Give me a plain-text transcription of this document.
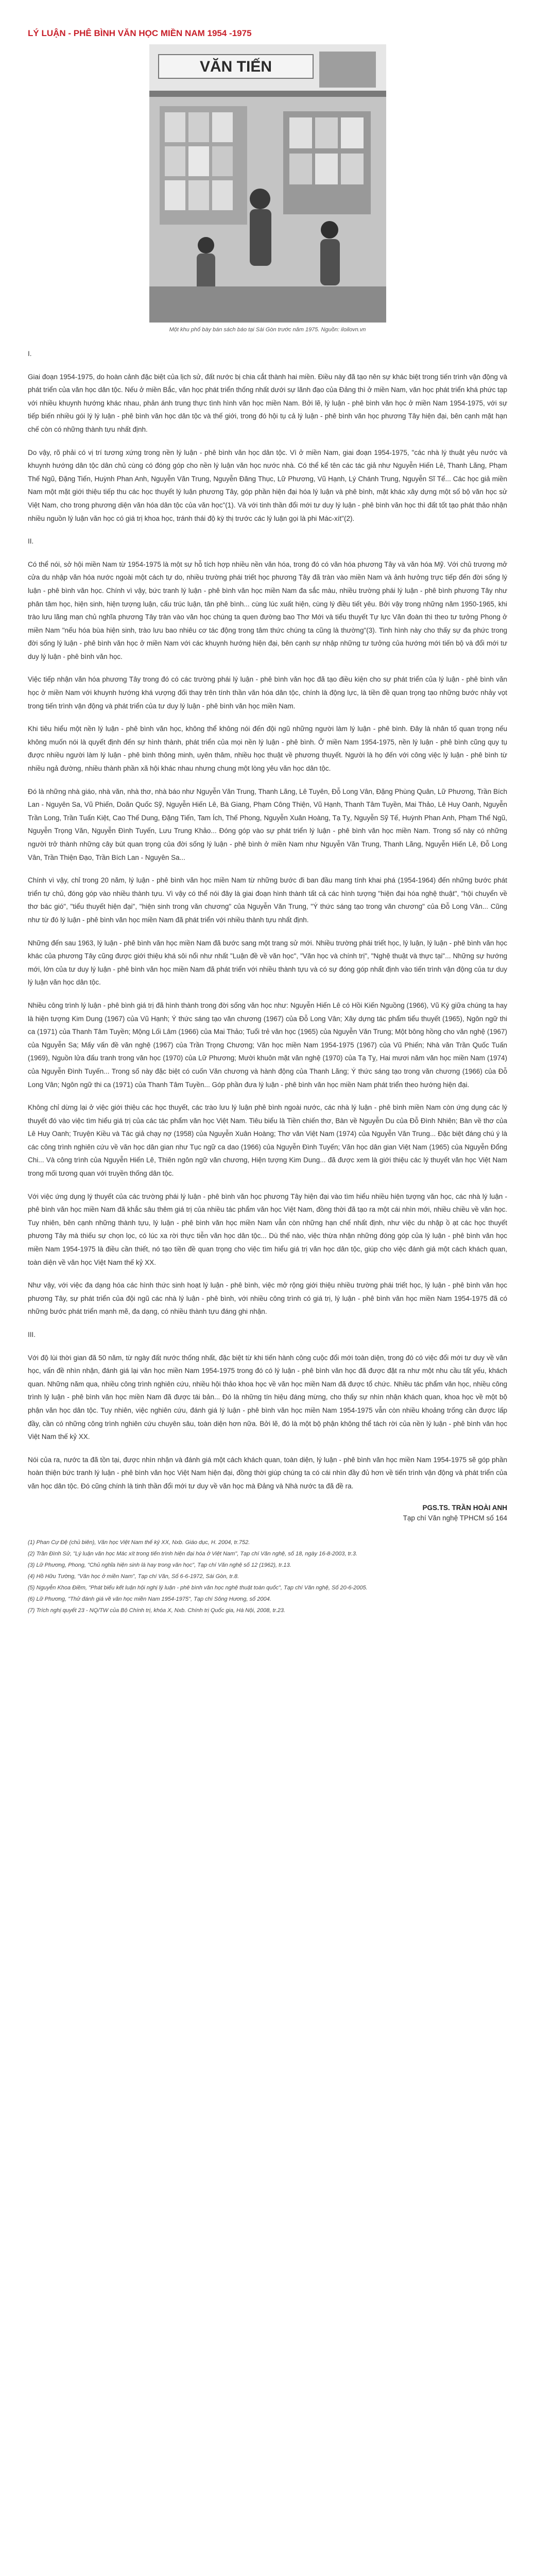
LÝ LUẬN - PHÊ BÌNH VĂN HỌC MIỀN NAM 1954 -1975
VĂN TIẾN

Một khu phố bày bán sách báo tại Sài Gòn trước năm 1975. Nguồn: iloilovn.vn

I.

Giai đoạn 1954-1975, do hoàn cảnh đặc biệt của lịch sử, đất nước bị chia cắt thành hai miền. Điều này đã tạo nên sự khác biệt trong tiến trình vận động và phát triển của văn học dân tộc. Nếu ở miền Bắc, văn học phát triển thống nhất dưới sự lãnh đạo của Đảng thì ở miền Nam, văn học phát triển khá phức tạp với nhiều khuynh hướng khác nhau, phản ánh trung thực tình hình văn học miền Nam. Bởi lẽ, lý luận - phê bình văn học ở miền Nam 1954-1975, với sự tiếp biến nhiều gói lý lý luận - phê bình văn học dân tộc và thế giới, trong đó hội tụ cả lý luận - phê bình văn học phương Tây hiện đại, bên cạnh mặt hạn chế còn có những thành tựu nhất định.

Do vậy, rõ phải có vị trí tương xứng trong nền lý luận - phê bình văn học dân tộc. Vì ở miền Nam, giai đoạn 1954-1975, "các nhà lý thuật yêu nước và khuynh hướng dân tộc dân chủ cùng có đóng góp cho nền lý luận văn học nước nhà. Có thể kể tên các tác giả như Nguyễn Hiến Lê, Thanh Lãng, Phạm Thế Ngũ, Đặng Tiến, Huỳnh Phan Anh, Nguyễn Văn Trung, Nguyễn Đăng Thục, Lữ Phương, Vũ Hạnh, Lý Chánh Trung, Nguyễn Sĩ Tế... Các học giả miền Nam một mặt giới thiệu tiếp thu các học thuyết lý luận phương Tây, góp phần hiện đại hóa lý luận và phê bình, mặt khác xây dựng một số bộ văn học sử Việt Nam, cho trong phương diện văn hóa dân tộc của văn học"(1). Và với tinh thần đổi mới tư duy lý luận - phê bình văn học thì đất tốt tạo phát thảo nhận nhiều nguồn lý luận văn học có giá trị khoa học, tránh thái độ kỳ thị trước các lý luận gọi là phi Mác-xít"(2).

II.

Có thể nói, sở hội miền Nam từ 1954-1975 là một sự hỗ tích hợp nhiều nền văn hóa, trong đó có văn hóa phương Tây và văn hóa Mỹ. Với chủ trương mở cửa du nhập văn hóa nước ngoài một cách tự do, nhiều trường phái triết học phương Tây đã tràn vào miền Nam và ảnh hưởng trực tiếp đến đời sống lý luận - phê bình văn học. Chính vì vậy, bức tranh lý luận - phê bình văn học miền Nam đa sắc màu, nhiều trường phái lý luận - phê bình phương Tây như phân tâm học, hiện sinh, hiện tượng luận, cấu trúc luận, tân phê bình... cùng lúc xuất hiện, cùng lý điều tiết yêu. Bởi vậy trong những năm 1950-1965, khi trào lưu lãng mạn chủ nghĩa phương Tây tràn vào văn học chúng ta quen đường bao Thơ Mới và tiểu thuyết Tự lực Văn đoàn thì theo tư tưởng Phong ở miền Nam "nếu hóa bùa hiện sinh, trào lưu bao nhiêu cơ tác động trong tâm thức chúng ta cũng là thường"(3). Tinh hình này cho thấy sự đa phức trong đời sống lý luận - phê bình văn học ở miền Nam với các khuynh hướng hiện đại, bên cạnh sự nhập những tư tưởng của hướng mới tiến bộ và đổi mới tư duy lý luận - phê bình văn học.

Việc tiếp nhận văn hóa phương Tây trong đó có các trường phái lý luận - phê bình văn học đã tạo điều kiện cho sự phát triển của lý luận - phê bình văn học ở miền Nam với khuynh hướng khá vượng đối thay trên tính thần văn hóa dân tộc, chính là động lực, là tiền đề quan trọng tạo những bước nhảy vọt trong tiến trình vận động và phát triển của tư duy lý luận - phê bình văn học miền Nam.

Khi tiêu hiểu một nền lý luận - phê bình văn học, không thể không nói đến đội ngũ những người làm lý luận - phê bình. Đây là nhân tố quan trọng nếu không muốn nói là quyết định đến sự hình thành, phát triển của mọi nền lý luận - phê bình. Ở miền Nam 1954-1975, nền lý luận - phê bình cũng quy tụ được nhiều người làm lý luận - phê bình thông minh, uyên thâm, nhiều học thuật về phương thuyết. Người là họ đến với công việc lý luận - phê bình từ nhiều ngả đường, nhiều thành phần xã hội khác nhau nhưng chung một lòng yêu văn học dân tộc.

Đó là những nhà giáo, nhà văn, nhà thơ, nhà báo như Nguyễn Văn Trung, Thanh Lãng, Lê Tuyên, Đỗ Long Vân, Đặng Phùng Quân, Lữ Phương, Trần Bích Lan - Nguyên Sa, Vũ Phiến, Doãn Quốc Sỹ, Nguyễn Hiến Lê, Bà Giang, Phạm Công Thiện, Vũ Hạnh, Thanh Tâm Tuyền, Mai Thảo, Lê Huy Oanh, Nguyễn Trần Long, Trần Tuấn Kiệt, Cao Thế Dung, Đặng Tiến, Tam Ích, Thế Phong, Nguyễn Xuân Hoàng, Tạ Tỵ, Nguyễn Sỹ Tế, Huỳnh Phan Anh, Phạm Thế Ngũ, Nguyễn Trọng Văn, Nguyễn Đình Tuyến, Lưu Trung Khảo... Đóng góp vào sự phát triển lý luận - phê bình văn học miền Nam. Trong số này có những người trở thành những cây bút quan trọng của đời sống lý luận - phê bình ở miền Nam như Nguyễn Văn Trung, Thanh Lãng, Nguyễn Hiến Lê, Đỗ Long Vân, Trần Thiện Đạo, Trần Bích Lan - Nguyên Sa...

Chính vì vậy, chỉ trong 20 năm, lý luận - phê bình văn học miền Nam từ những bước đi ban đầu mang tính khai phá (1954-1964) đến những bước phát triển tự chủ, đóng góp vào nhiều thành tựu. Vì vậy có thể nói đây là giai đoạn hình thành tất cả các hình tượng "hiện đại hóa nghệ thuật", "hội chuyển về thơ bác gió", "tiểu thuyết hiện đại", "hiện sinh trong văn chương" của Nguyễn Văn Trung, "Ý thức sáng tạo trong văn chương" của Đỗ Long Vân... Cũng như từ đó lý luận - phê bình văn học miền Nam đã phát triển với nhiều thành tựu nhất định.

Những đến sau 1963, lý luận - phê bình văn học miền Nam đã bước sang một trang sử mới. Nhiều trường phái triết học, lý luận, lý luận - phê bình văn học khác của phương Tây cũng được giới thiệu khá sôi nổi như nhất "Luận đề về văn học", "Văn học và chính trị", "Nghệ thuật và thực tại"... Những sự hướng mới, lớn của tư duy lý luận - phê bình văn học miền Nam đã phát triển với nhiều thành tựu và có sự đóng góp nhất định vào tiến trình vận động của tư duy lý luận văn học dân tộc.

Nhiều công trình lý luận - phê bình giá trị đã hình thành trong đời sống văn học như: Nguyễn Hiến Lê có Hồi Kiến Nguồng (1966), Vũ Ký giữa chúng ta hay là hiện tượng Kim Dung (1967) của Vũ Hạnh; Ý thức sáng tạo văn chương (1967) của Đỗ Long Vân; Xây dựng tác phẩm tiểu thuyết (1965), Ngôn ngữ thi ca (1971) của Thanh Tâm Tuyền; Mộng Lối Lâm (1966) của Mai Thảo; Tuổi trẻ văn học (1965) của Nguyễn Văn Trung; Một bông hồng cho văn nghệ (1967) của Nguyễn Sa; Mấy vấn đề văn nghệ (1967) của Trần Trọng Chương; Văn học miền Nam 1954-1975 (1967) của Vũ Phiến; Nhà văn Trần Quốc Tuấn (1969), Nguồn lửa đấu tranh trong văn học (1970) của Lữ Phương; Mười khuôn mặt văn nghệ (1970) của Tạ Tỵ, Hai mươi năm văn học miền Nam (1974) của Nguyễn Đình Tuyến... Trong số này đặc biệt có cuốn Văn chương và hành động của Thanh Lãng; Ý thức sáng tạo trong văn chương (1966) của Đỗ Long Vân; Ngôn ngữ thi ca (1971) của Thanh Tâm Tuyền... Góp phần đưa lý luận - phê bình văn học miền Nam phát triển theo hướng hiện đại.

Không chỉ dừng lại ở việc giới thiệu các học thuyết, các trào lưu lý luận phê bình ngoài nước, các nhà lý luận - phê bình miền Nam còn ứng dụng các lý thuyết đó vào việc tìm hiểu giá trị của các tác phẩm văn học Việt Nam. Tiêu biểu là Tiền chiến thơ, Bàn về Nguyễn Du của Đỗ Đình Nhiên; Bàn về thơ của Lê Huy Oanh; Truyện Kiều và Tác giả chạy nợ (1958) của Nguyễn Xuân Hoàng; Thơ văn Việt Nam (1974) của Nguyễn Văn Trung... Đặc biệt đáng chú ý là các công trình nghiên cứu về văn học dân gian như Tục ngữ ca dao (1966) của Nguyễn Đình Tuyến; Văn học dân gian Việt Nam (1965) của Nguyễn Đổng Chi... Và công trình của Nguyễn Hiến Lê, Thiên ngôn ngữ văn chương, Hiện tượng Kim Dung... đã được xem là giới thiệu các lý thuyết văn học Việt Nam trong mối tương quan với truyền thống dân tộc.

Với việc ứng dụng lý thuyết của các trường phái lý luận - phê bình văn học phương Tây hiện đại vào tìm hiểu nhiều hiện tượng văn học, các nhà lý luận - phê bình văn học miền Nam đã khắc sâu thêm giá trị của nhiều tác phẩm văn học Việt Nam, đồng thời đã tạo ra một cái nhìn mới, nhiều chiều về văn học. Tuy nhiên, bên cạnh những thành tựu, lý luận - phê bình văn học miền Nam vẫn còn những hạn chế nhất định, như việc du nhập ồ ạt các học thuyết phương Tây mà thiếu sự chọn lọc, có lúc xa rời thực tiễn văn học dân tộc... Dù thế nào, việc thừa nhận những đóng góp của lý luận - phê bình văn học miền Nam 1954-1975 là điều cần thiết, nó tạo tiền đề quan trọng cho việc tìm hiểu giá trị văn học dân tộc, giúp cho việc đánh giá một cách khách quan, toàn diện về văn học Việt Nam thế kỷ XX.

Như vậy, với việc đa dạng hóa các hình thức sinh hoạt lý luận - phê bình, việc mở rộng giới thiệu nhiều trường phái triết học, lý luận - phê bình văn học phương Tây, sự phát triển của đội ngũ các nhà lý luận - phê bình, với nhiều công trình có giá trị, lý luận - phê bình văn học miền Nam 1954-1975 đã có những bước phát triển mạnh mẽ, đa dạng, có nhiều thành tựu đáng ghi nhận.

III.

Với độ lùi thời gian đã 50 năm, từ ngày đất nước thống nhất, đặc biệt từ khi tiến hành công cuộc đổi mới toàn diện, trong đó có việc đổi mới tư duy về văn học, vấn đề nhìn nhận, đánh giá lại văn học miền Nam 1954-1975 trong đó có lý luận - phê bình văn học đã được đặt ra như một nhu cầu tất yếu, khách quan. Những năm qua, nhiều công trình nghiên cứu, nhiều hội thảo khoa học về văn học miền Nam đã được tổ chức. Nhiều tác phẩm văn học, nhiều công trình lý luận - phê bình văn học miền Nam đã được tái bản... Đó là những tín hiệu đáng mừng, cho thấy sự nhìn nhận khách quan, khoa học về một bộ phận văn học dân tộc. Tuy nhiên, việc nghiên cứu, đánh giá lý luận - phê bình văn học miền Nam 1954-1975 vẫn còn nhiều khoảng trống cần được lấp đầy, cần có những công trình nghiên cứu chuyên sâu, toàn diện hơn nữa. Bởi lẽ, đó là một bộ phận không thể tách rời của nền lý luận - phê bình văn học Việt Nam thế kỷ XX.

Nói của ra, nước ta đã tồn tại, được nhìn nhận và đánh giá một cách khách quan, toàn diện, lý luận - phê bình văn học miền Nam 1954-1975 sẽ góp phần hoàn thiện bức tranh lý luận - phê bình văn học Việt Nam hiện đại, đồng thời giúp chúng ta có cái nhìn đầy đủ hơn về tiến trình vận động và phát triển của văn học dân tộc. Đó cũng chính là tinh thần đổi mới tư duy về văn học mà Đảng và Nhà nước ta đã đề ra.

PGS.TS. TRẦN HOÀI ANH
Tạp chí Văn nghệ TPHCM số 164

(1) Phan Cự Đệ (chủ biên), Văn học Việt Nam thế kỷ XX, Nxb. Giáo dục, H. 2004, tr.752.

(2) Trần Đình Sử, "Lý luận văn học Mác xít trong tiến trình hiện đại hóa ở Việt Nam", Tạp chí Văn nghệ, số 18, ngày 16-8-2003, tr.3.

(3) Lữ Phương, Phong, "Chủ nghĩa hiện sinh là hay trong văn học", Tạp chí Văn nghệ số 12 (1962), tr.13.

(4) Hồ Hữu Tường, "Văn học ở miền Nam", Tạp chí Văn, Số 6-6-1972, Sài Gòn, tr.8.

(5) Nguyễn Khoa Điềm, "Phát biểu kết luận hội nghị lý luận - phê bình văn học nghệ thuật toàn quốc", Tạp chí Văn nghệ, Số 20-6-2005.

(6) Lữ Phương, "Thử đánh giá về văn học miền Nam 1954-1975", Tạp chí Sông Hương, số 2004.

(7) Trích nghị quyết 23 - NQ/TW của Bộ Chính trị, khóa X, Nxb. Chính trị Quốc gia, Hà Nội, 2008, tr.23.
